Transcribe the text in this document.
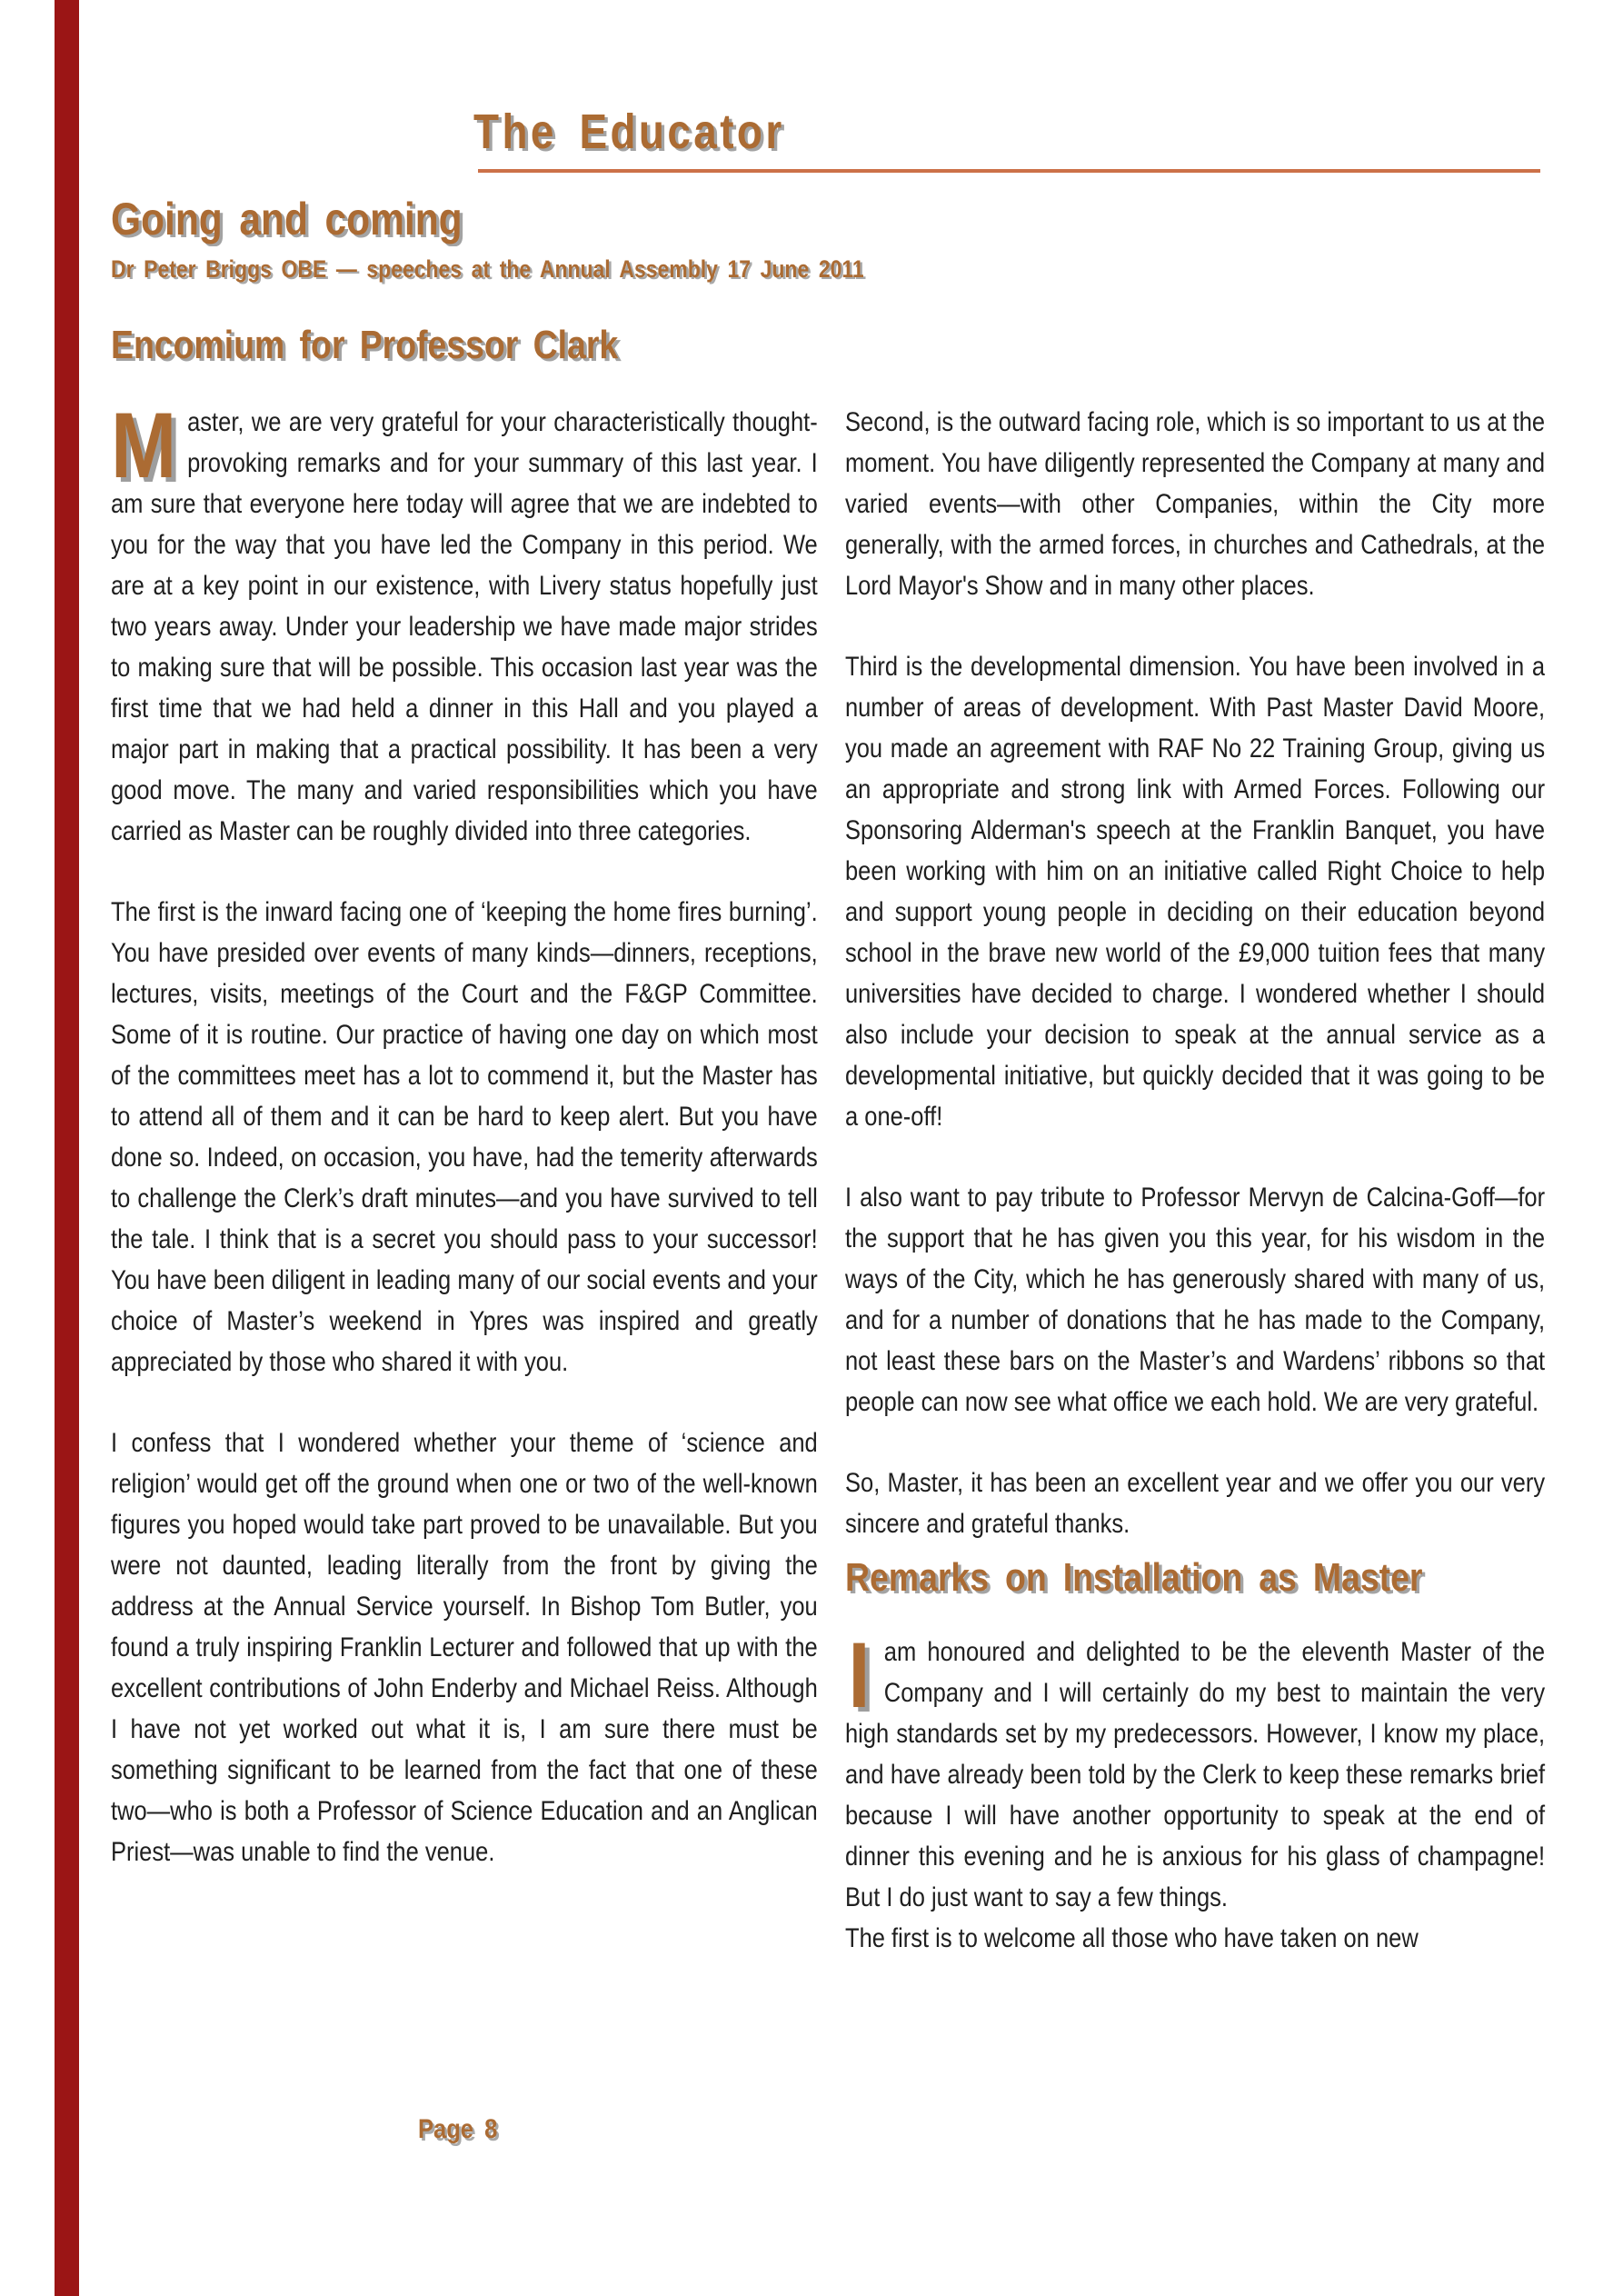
The Educator
Going and coming
Dr Peter Briggs OBE — speeches at the Annual Assembly 17 June 2011
Encomium for Professor Clark

Master, we are very grateful for your characteristically thought-provoking remarks and for your summary of this last year. I am sure that everyone here today will agree that we are indebted to you for the way that you have led the Company in this period. We are at a key point in our existence, with Livery status hopefully just two years away. Under your leadership we have made major strides to making sure that will be possible. This occasion last year was the first time that we had held a dinner in this Hall and you played a major part in making that a practical possibility. It has been a very good move. The many and varied responsibilities which you have carried as Master can be roughly divided into three categories.

The first is the inward facing one of ‘keeping the home fires burning’. You have presided over events of many kinds—dinners, receptions, lectures, visits, meetings of the Court and the F&GP Committee. Some of it is routine. Our practice of having one day on which most of the committees meet has a lot to commend it, but the Master has to attend all of them and it can be hard to keep alert. But you have done so. Indeed, on occasion, you have, had the temerity afterwards to challenge the Clerk’s draft minutes—and you have survived to tell the tale. I think that is a secret you should pass to your successor! You have been diligent in leading many of our social events and your choice of Master’s weekend in Ypres was inspired and greatly appreciated by those who shared it with you.

I confess that I wondered whether your theme of ‘science and religion’ would get off the ground when one or two of the well-known figures you hoped would take part proved to be unavailable. But you were not daunted, leading literally from the front by giving the address at the Annual Service yourself. In Bishop Tom Butler, you found a truly inspiring Franklin Lecturer and followed that up with the excellent contributions of John Enderby and Michael Reiss. Although I have not yet worked out what it is, I am sure there must be something significant to be learned from the fact that one of these two—who is both a Professor of Science Education and an Anglican Priest—was unable to find the venue.

Second, is the outward facing role, which is so important to us at the moment. You have diligently represented the Company at many and varied events—with other Companies, within the City more generally, with the armed forces, in churches and Cathedrals, at the Lord Mayor's Show and in many other places.

Third is the developmental dimension. You have been involved in a number of areas of development. With Past Master David Moore, you made an agreement with RAF No 22 Training Group, giving us an appropriate and strong link with Armed Forces. Following our Sponsoring Alderman's speech at the Franklin Banquet, you have been working with him on an initiative called Right Choice to help and support young people in deciding on their education beyond school in the brave new world of the £9,000 tuition fees that many universities have decided to charge. I wondered whether I should also include your decision to speak at the annual service as a developmental initiative, but quickly decided that it was going to be a one-off!

I also want to pay tribute to Professor Mervyn de Calcina-Goff—for the support that he has given you this year, for his wisdom in the ways of the City, which he has generously shared with many of us, and for a number of donations that he has made to the Company, not least these bars on the Master’s and Wardens’ ribbons so that people can now see what office we each hold. We are very grateful.

So, Master, it has been an excellent year and we offer you our very sincere and grateful thanks.

Remarks on Installation as Master

Iam honoured and delighted to be the eleventh Master of the Company and I will certainly do my best to maintain the very high standards set by my predecessors. However, I know my place, and have already been told by the Clerk to keep these remarks brief because I will have another opportunity to speak at the end of dinner this evening and he is anxious for his glass of champagne! But I do just want to say a few things.

The first is to welcome all those who have taken on new

Page 8
